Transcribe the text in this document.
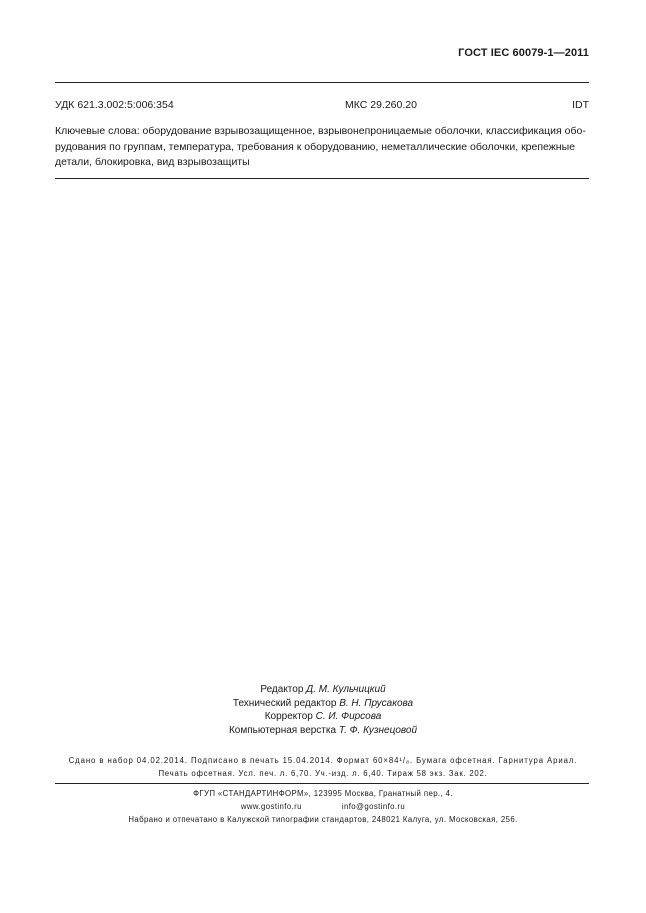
ГОСТ IEC 60079-1—2011
УДК 621.3.002:5:006:354	МКС 29.260.20	IDT

Ключевые слова: оборудование взрывозащищенное, взрывонепроницаемые оболочки, классификация обо-
рудования по группам, температура, требования к оборудованию, неметаллические оболочки, крепежные
детали, блокировка, вид взрывозащиты

Редактор Д. М. Кульчицкий
Технический редактор В. Н. Прусакова
Корректор С. И. Фирсова
Компьютерная верстка Т. Ф. Кузнецовой
Сдано в набор 04.02.2014. Подписано в печать 15.04.2014. Формат 60×84¹/₈. Бумага офсетная. Гарнитура Ариал.
Печать офсетная. Усл. печ. л. 6,70. Уч.-изд. л. 6,40. Тираж 58 экз. Зак. 202.
ФГУП «СТАНДАРТИНФОРМ», 123995 Москва, Гранатный пер., 4.
www.gostinfo.ru	info@gostinfo.ru
Набрано и отпечатано в Калужской типографии стандартов, 248021 Калуга, ул. Московская, 256.
